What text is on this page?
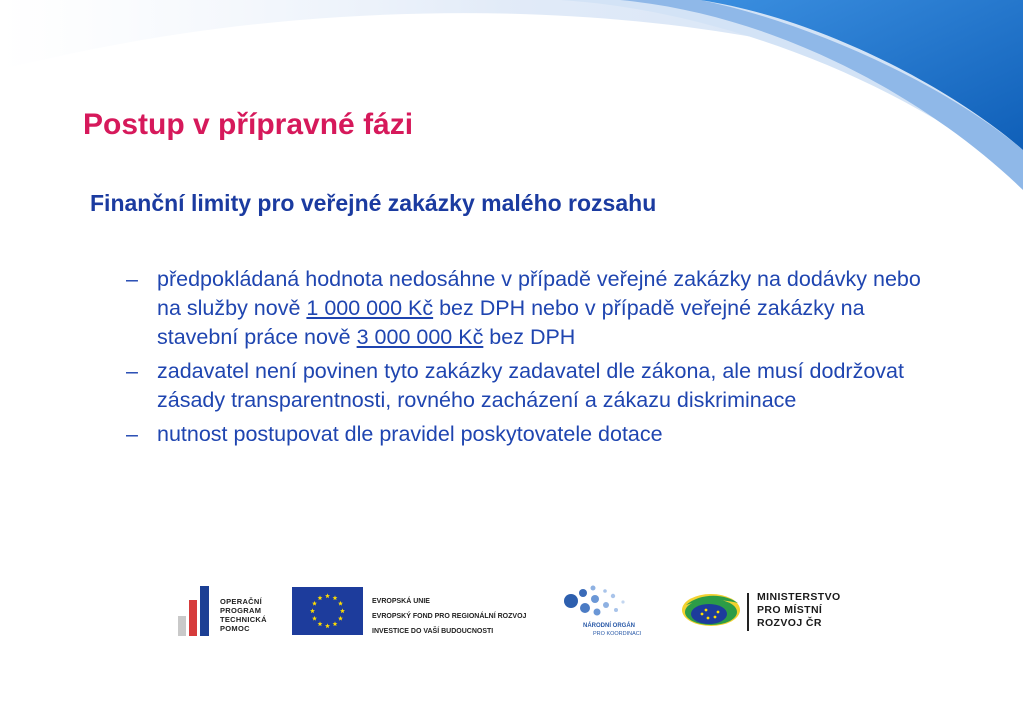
Postup v přípravné fázi
Finanční limity pro veřejné zakázky malého rozsahu
– předpokládaná hodnota nedosáhne v případě veřejné zakázky na dodávky nebo na služby nově 1 000 000 Kč bez DPH nebo v případě veřejné zakázky na stavební práce nově 3 000 000 Kč bez DPH
– zadavatel není povinen tyto zakázky zadavatel dle zákona, ale musí dodržovat zásady transparentnosti, rovného zacházení a zákazu diskriminace
– nutnost postupovat dle pravidel poskytovatele dotace
OPERAČNÍ
PROGRAM
TECHNICKÁ
POMOC
EVROPSKÁ UNIE
EVROPSKÝ FOND PRO REGIONÁLNÍ ROZVOJ
INVESTICE DO VAŠÍ BUDOUCNOSTI
NÁRODNÍ ORGÁN
PRO KOORDINACI
MINISTERSTVO
PRO MÍSTNÍ
ROZVOJ ČR
